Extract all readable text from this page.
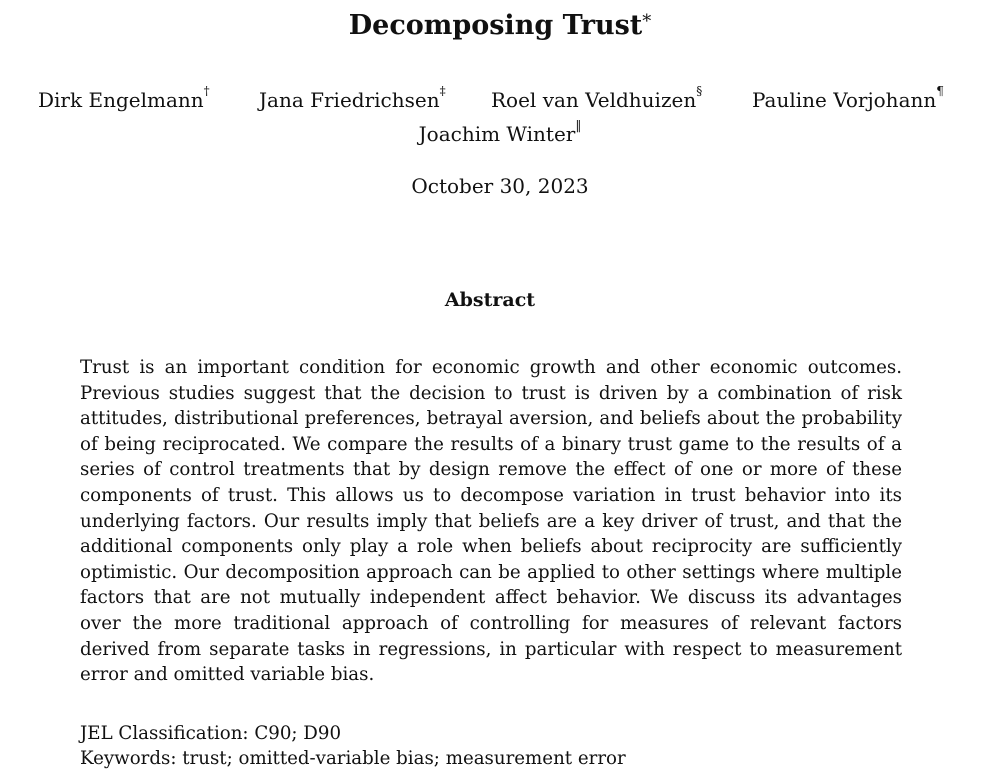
Decomposing Trust*
Dirk Engelmann† Jana Friedrichsen‡ Roel van Veldhuizen§ Pauline Vorjohann¶
Joachim Winter‖
October 30, 2023
Abstract
Trust is an important condition for economic growth and other economic outcomes. Previous studies suggest that the decision to trust is driven by a combination of risk attitudes, distributional preferences, betrayal aversion, and beliefs about the probability of being reciprocated. We compare the results of a binary trust game to the results of a series of control treatments that by design remove the effect of one or more of these components of trust. This allows us to decompose variation in trust behavior into its underlying factors. Our results imply that beliefs are a key driver of trust, and that the additional components only play a role when beliefs about reciprocity are sufficiently optimistic. Our decomposition approach can be applied to other settings where multiple factors that are not mutually independent affect behavior. We discuss its advantages over the more traditional approach of controlling for measures of relevant factors derived from separate tasks in regressions, in particular with respect to measurement error and omitted variable bias.
JEL Classification: C90; D90
Keywords: trust; omitted-variable bias; measurement error
